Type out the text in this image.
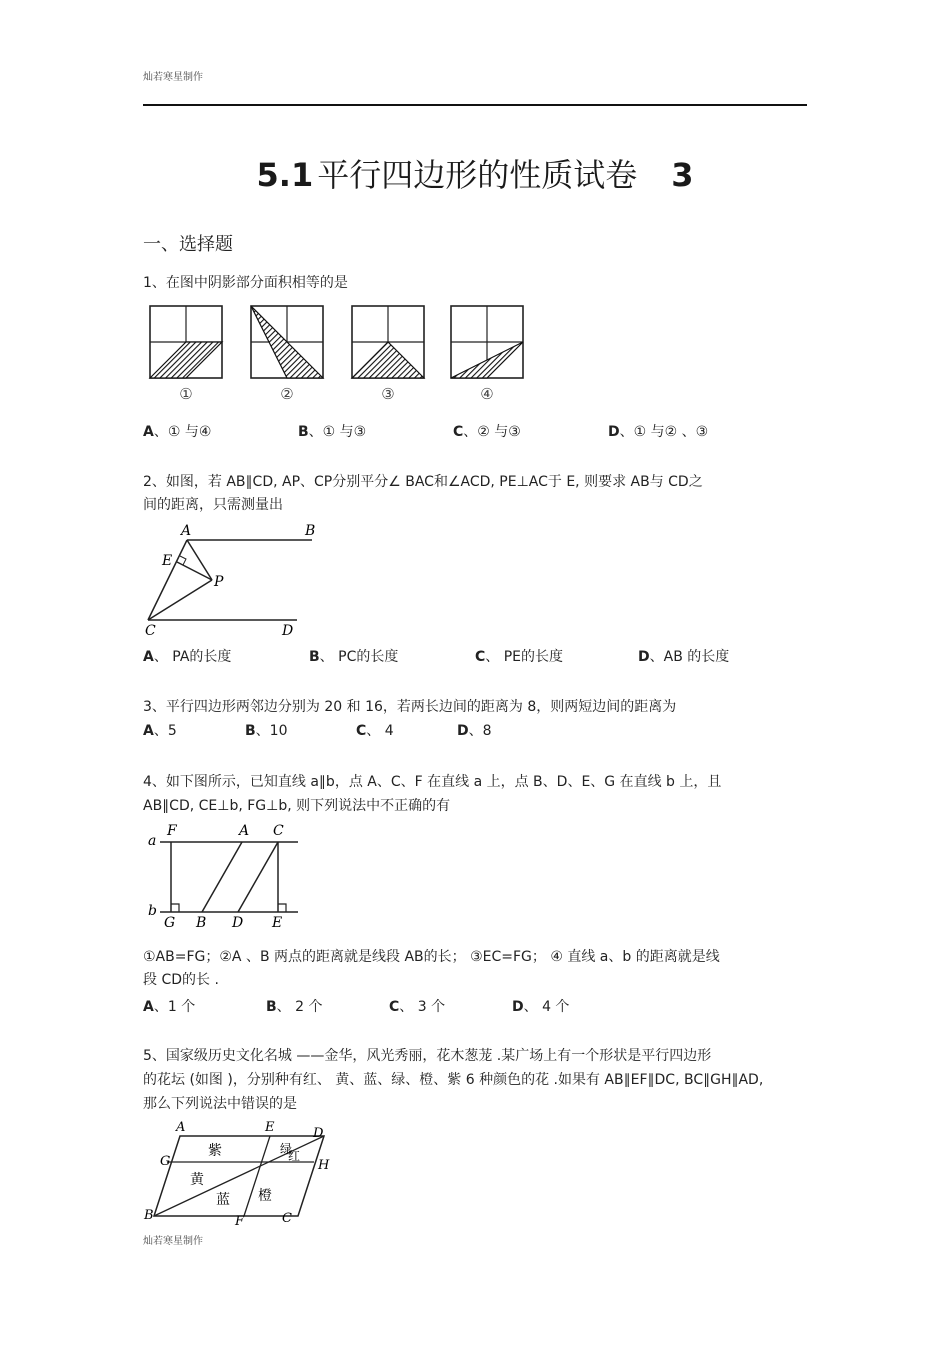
灿若寒星制作
5.1 平行四边形的性质试卷 3
一、选择题
1、在图中阴影部分面积相等的是
①	②	③	④
A、① 与④	B、① 与③	C、② 与③	D、① 与② 、③
2、如图，若 AB∥CD, AP、CP分别平分∠ BAC和∠ACD, PE⊥AC于 E, 则要求 AB与 CD之
间的距离，只需测量出
A	B
E
P
C	D
A、 PA的长度	B、 PC的长度	C、 PE的长度	D、AB 的长度
3、平行四边形两邻边分别为 20 和 16，若两长边间的距离为 8，则两短边间的距离为
A、5	B、10	C、 4	D、8
4、如下图所示，已知直线 a∥b，点 A、C、F 在直线 a 上，点 B、D、E、G 在直线 b 上，且
AB∥CD, CE⊥b, FG⊥b, 则下列说法中不正确的有
a
b
F	A C
G B D E
①AB=FG；②A 、B 两点的距离就是线段 AB的长； ③EC=FG； ④ 直线 a、b 的距离就是线
段 CD的长 .
A、1 个	B、 2 个	C、 3 个	D、 4 个
5、国家级历史文化名城 ——金华，风光秀丽，花木葱茏 .某广场上有一个形状是平行四边形
的花坛 (如图 )，分别种有红、 黄、蓝、绿、橙、紫 6 种颜色的花 .如果有 AB∥EF∥DC, BC∥GH∥AD,
那么下列说法中错误的是
A	E	D
G	H
B	F	C
紫	绿
红
黄
蓝 橙
灿若寒星制作
